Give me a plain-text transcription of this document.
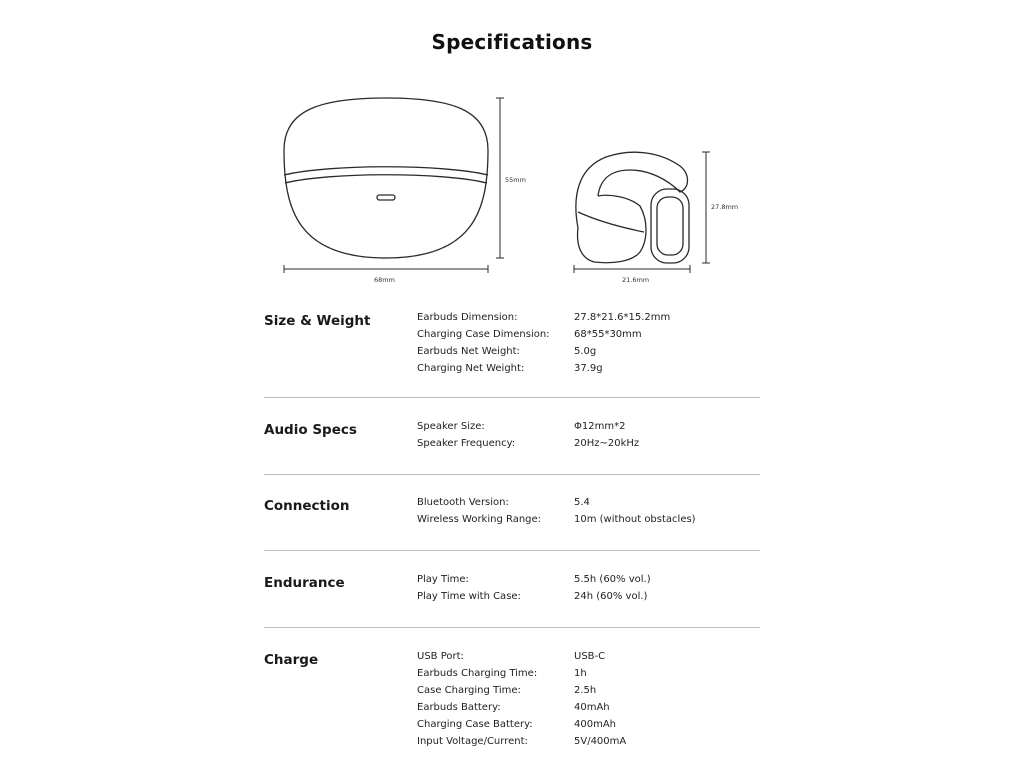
Specifications
55mm
68mm
27.8mm
21.6mm
Size & Weight	Earbuds Dimension:	27.8*21.6*15.2mm
Charging Case Dimension: 68*55*30mm
Earbuds Net Weight:	5.0g
Charging Net Weight:	37.9g
Audio Specs	Speaker Size:	Φ12mm*2
Speaker Frequency:	20Hz~20kHz
Connection	Bluetooth Version:	5.4
Wireless Working Range:	10m (without obstacles)
Endurance	Play Time:	5.5h (60% vol.)
Play Time with Case:	24h (60% vol.)
Charge	USB Port:	USB-C
Earbuds Charging Time:	1h
Case Charging Time:	2.5h
Earbuds Battery:	40mAh
Charging Case Battery:	400mAh
Input Voltage/Current:	5V/400mA
